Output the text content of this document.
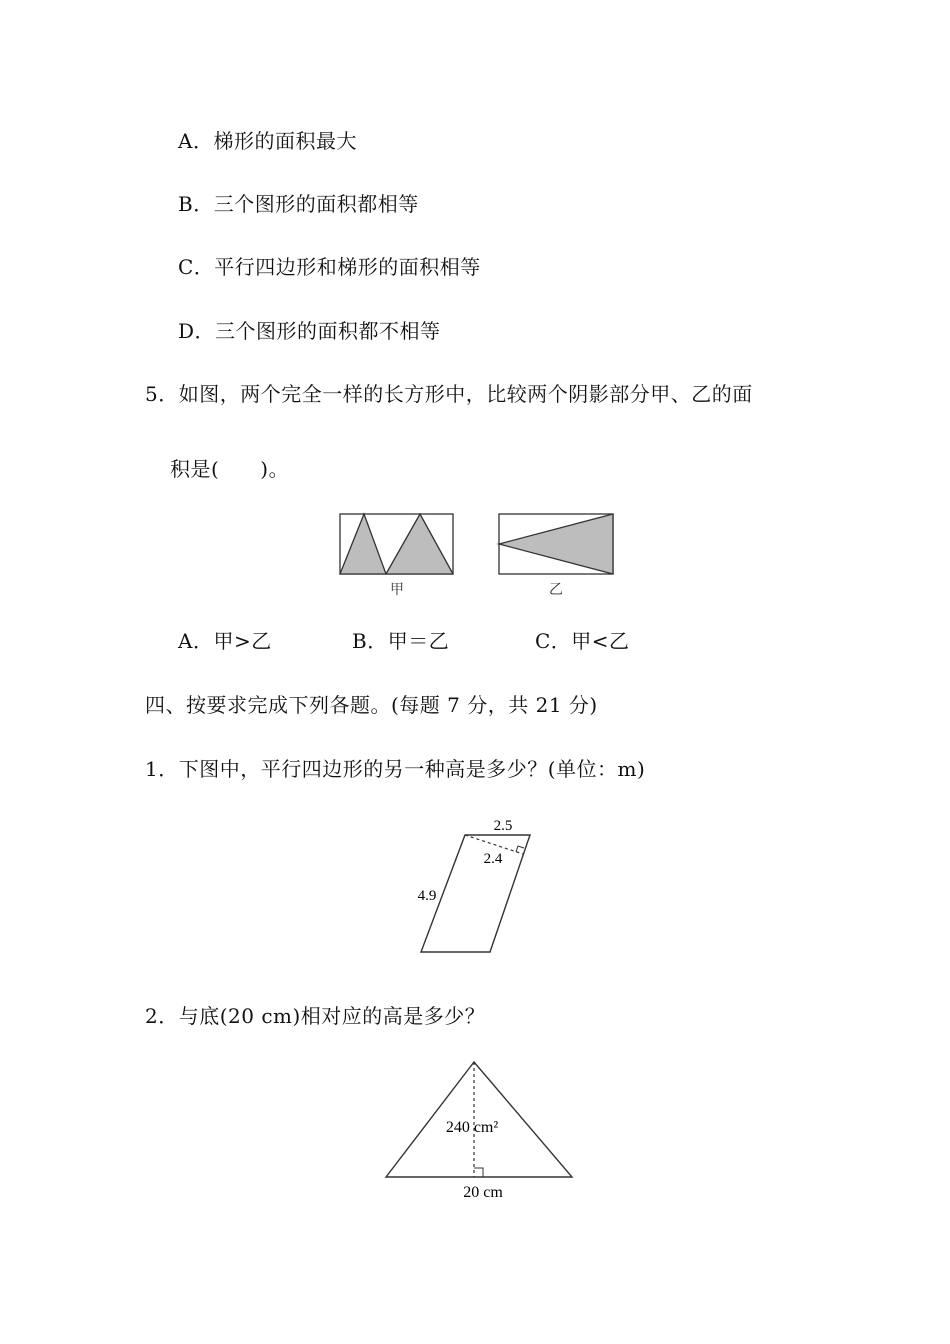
A．梯形的面积最大
B．三个图形的面积都相等
C．平行四边形和梯形的面积相等
D．三个图形的面积都不相等
5．如图，两个完全一样的长方形中，比较两个阴影部分甲、乙的面
积是(　　)。
甲	乙
A．甲>乙	B．甲＝乙	C．甲<乙
四、按要求完成下列各题。(每题 7 分，共 21 分)
1．下图中，平行四边形的另一种高是多少？(单位：m)
2.5
2.4
4.9
2．与底(20 cm)相对应的高是多少？
240 cm²
20 cm
